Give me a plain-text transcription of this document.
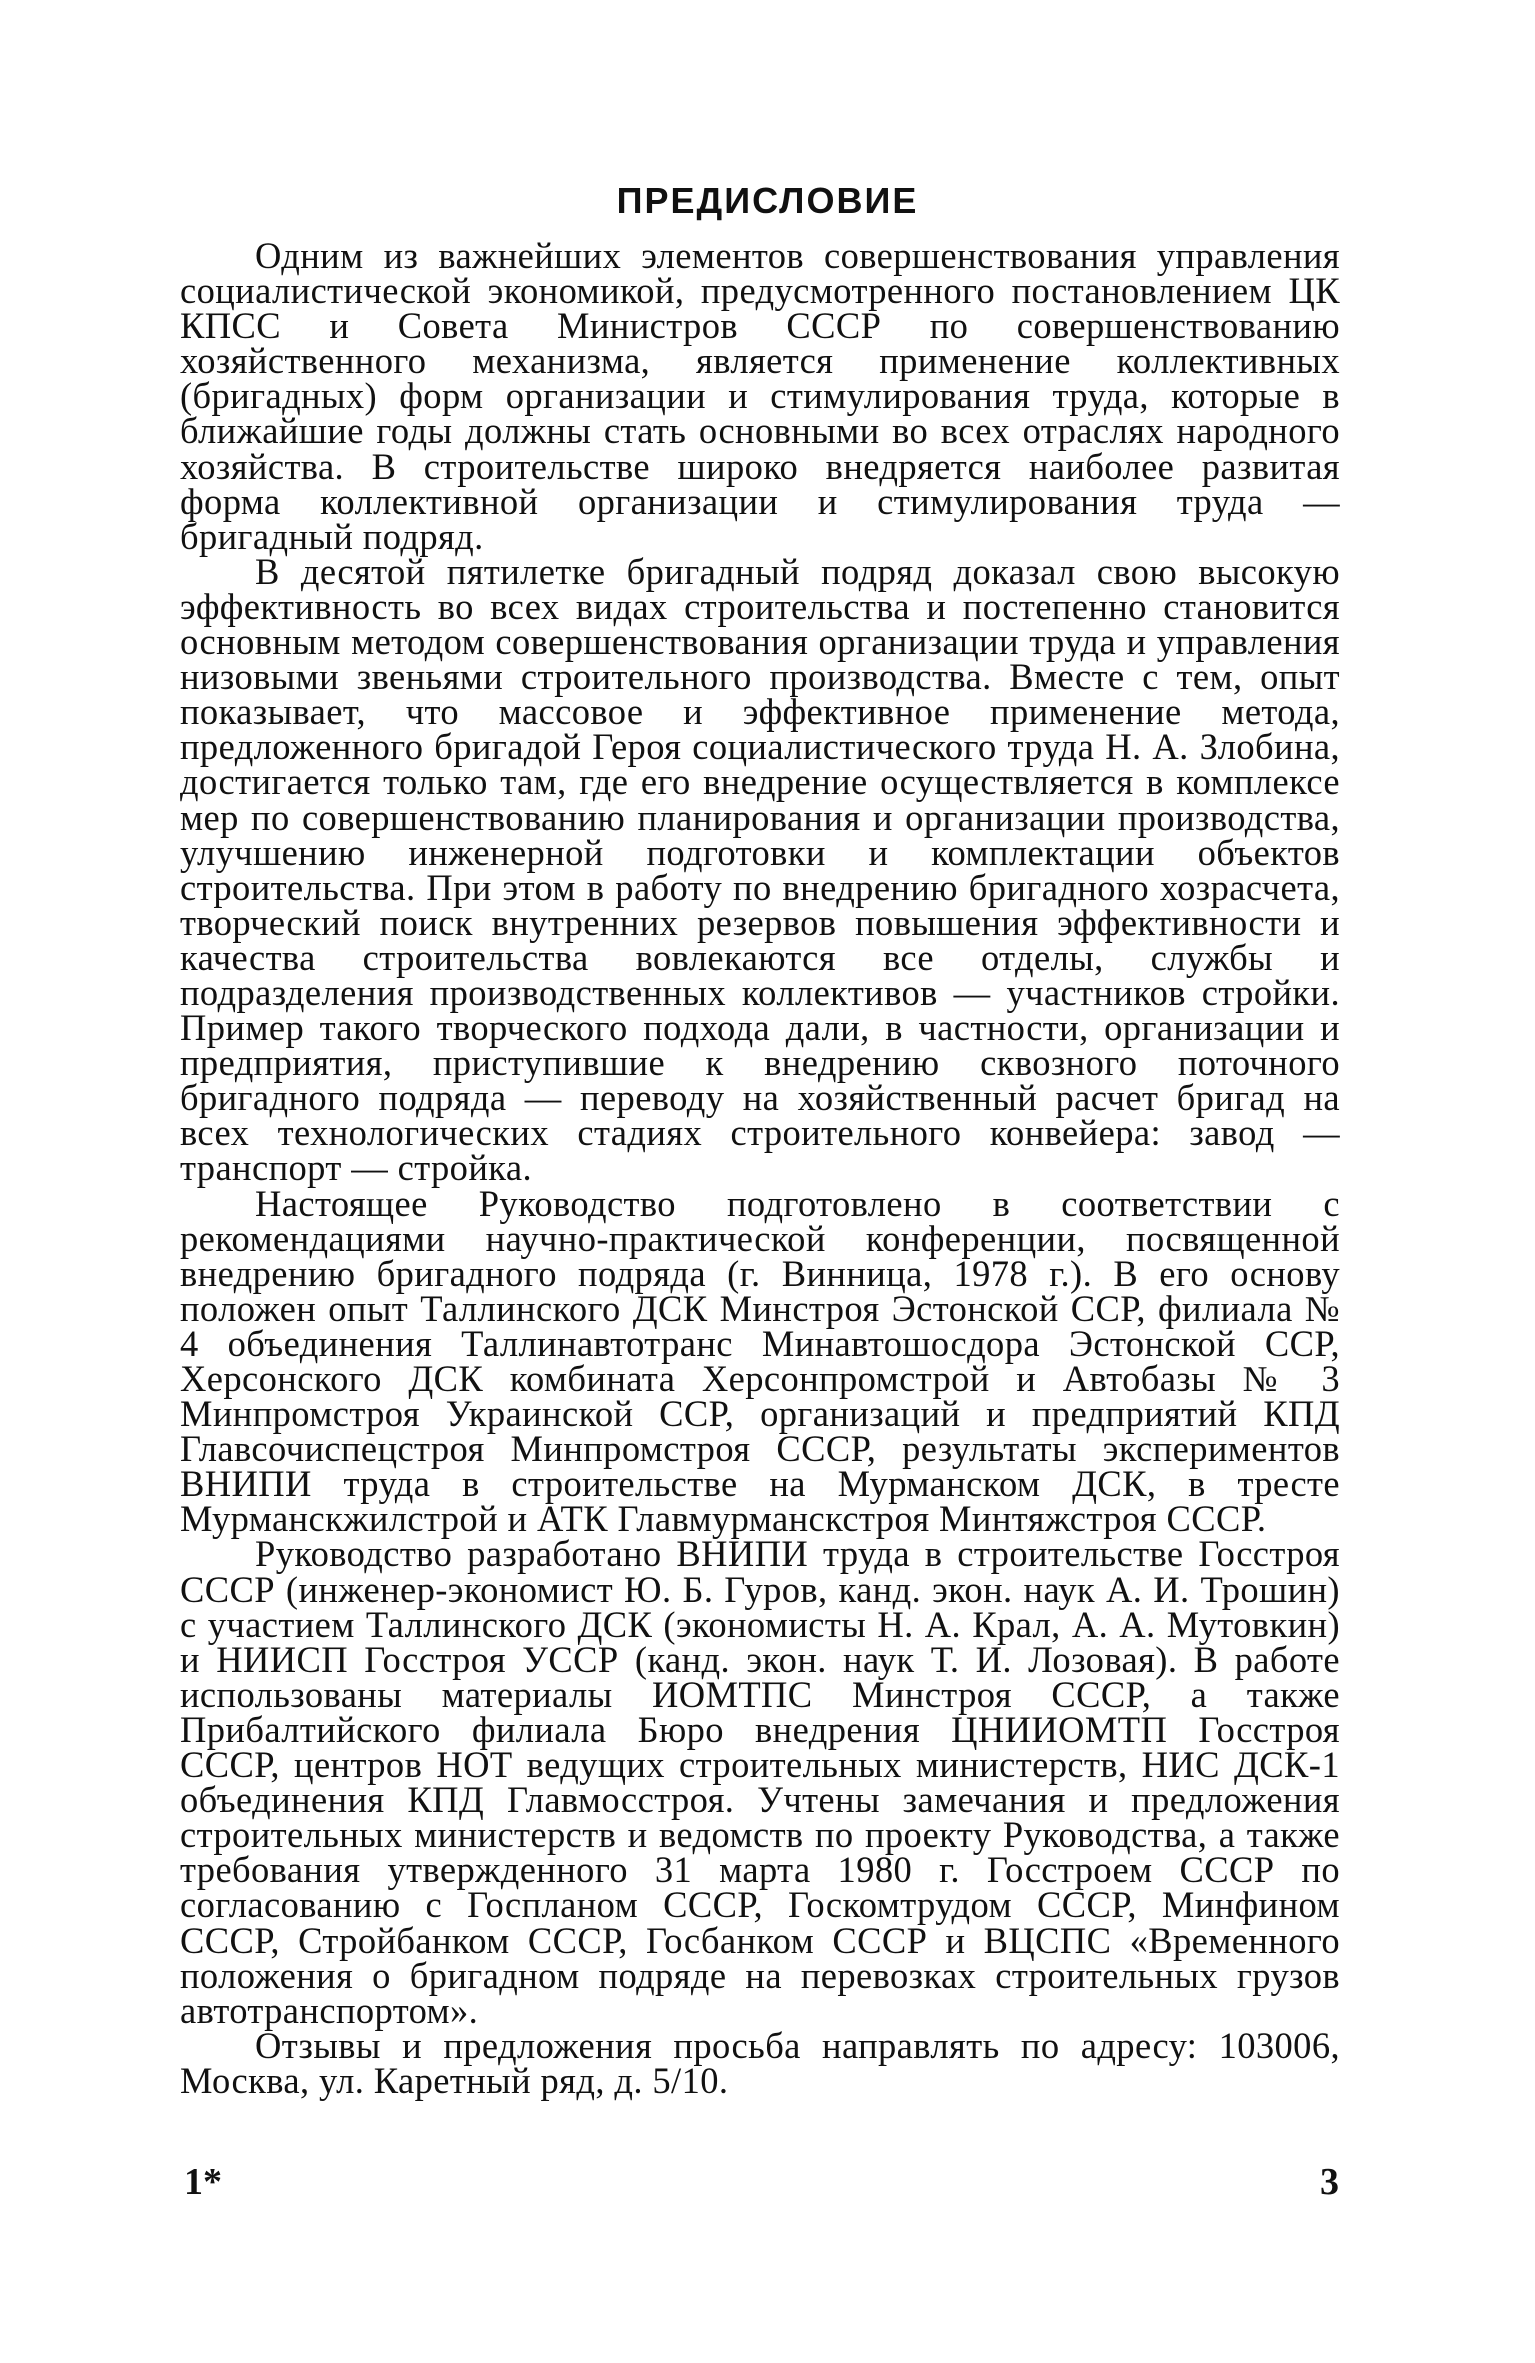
ПРЕДИСЛОВИЕ

Одним из важнейших элементов совершенствования управления социалистической экономикой, предусмотренного постановлением ЦК КПСС и Совета Министров СССР по совершенствованию хозяйственного механизма, является применение коллективных (бригадных) форм организации и стимулирования труда, которые в ближайшие годы должны стать основными во всех отраслях народного хозяйства. В строительстве широко внедряется наиболее развитая форма коллективной организации и стимулирования труда — бригадный подряд.

В десятой пятилетке бригадный подряд доказал свою высокую эффективность во всех видах строительства и постепенно становится основным методом совершенствования организации труда и управления низовыми звеньями строительного производства. Вместе с тем, опыт показывает, что массовое и эффективное применение метода, предложенного бригадой Героя социалистического труда Н. А. Злобина, достигается только там, где его внедрение осуществляется в комплексе мер по совершенствованию планирования и организации производства, улучшению инженерной подготовки и комплектации объектов строительства. При этом в работу по внедрению бригадного хозрасчета, творческий поиск внутренних резервов повышения эффективности и качества строительства вовлекаются все отделы, службы и подразделения производственных коллективов — участников стройки. Пример такого творческого подхода дали, в частности, организации и предприятия, приступившие к внедрению сквозного поточного бригадного подряда — переводу на хозяйственный расчет бригад на всех технологических стадиях строительного конвейера: завод — транспорт — стройка.

Настоящее Руководство подготовлено в соответствии с рекомендациями научно-практической конференции, посвященной внедрению бригадного подряда (г. Винница, 1978 г.). В его основу положен опыт Таллинского ДСК Минстроя Эстонской ССР, филиала № 4 объединения Таллинавтотранс Минавтошосдора Эстонской ССР, Херсонского ДСК комбината Херсонпромстрой и Автобазы № 3 Минпромстроя Украинской ССР, организаций и предприятий КПД Главсочиспецстроя Минпромстроя СССР, результаты экспериментов ВНИПИ труда в строительстве на Мурманском ДСК, в тресте Мурманскжилстрой и АТК Главмурманскстроя Минтяжстроя СССР.

Руководство разработано ВНИПИ труда в строительстве Госстроя СССР (инженер-экономист Ю. Б. Гуров, канд. экон. наук А. И. Трошин) с участием Таллинского ДСК (экономисты Н. А. Крал, А. А. Мутовкин) и НИИСП Госстроя УССР (канд. экон. наук Т. И. Лозовая). В работе использованы материалы ИОМТПС Минстроя СССР, а также Прибалтийского филиала Бюро внедрения ЦНИИОМТП Госстроя СССР, центров НОТ ведущих строительных министерств, НИС ДСК-1 объединения КПД Главмосстроя. Учтены замечания и предложения строительных министерств и ведомств по проекту Руководства, а также требования утвержденного 31 марта 1980 г. Госстроем СССР по согласованию с Госпланом СССР, Госкомтрудом СССР, Минфином СССР, Стройбанком СССР, Госбанком СССР и ВЦСПС «Временного положения о бригадном подряде на перевозках строительных грузов автотранспортом».

Отзывы и предложения просьба направлять по адресу: 103006, Москва, ул. Каретный ряд, д. 5/10.

1*	3
